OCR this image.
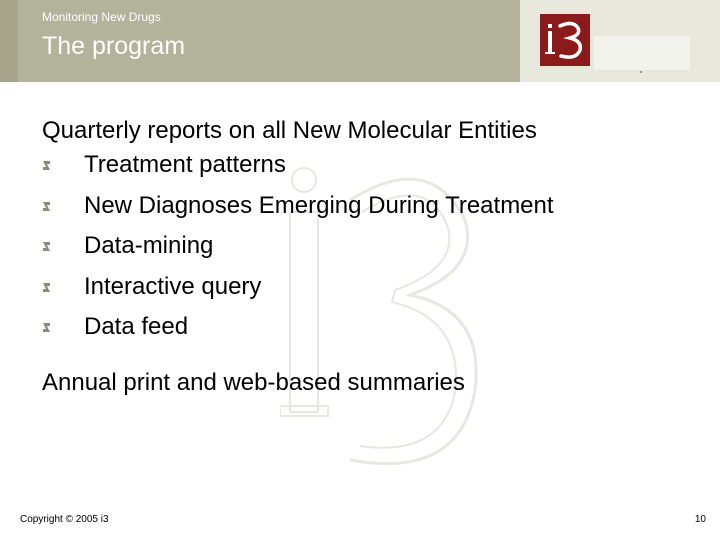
Monitoring New Drugs
The program
Quarterly reports on all New Molecular Entities
Treatment patterns
New Diagnoses Emerging During Treatment
Data-mining
Interactive query
Data feed
Annual print and web-based summaries
Copyright © 2005 i3	10
